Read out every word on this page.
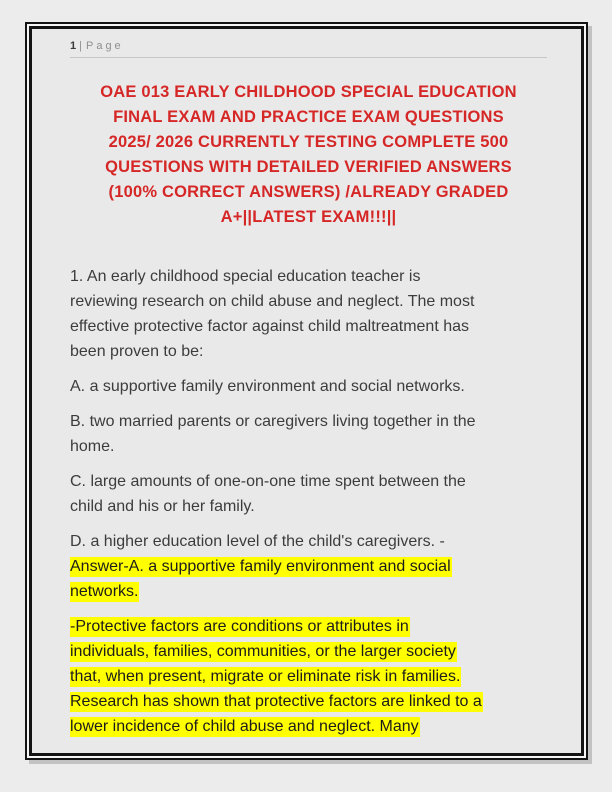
1 | Page
OAE 013 EARLY CHILDHOOD SPECIAL EDUCATION
FINAL EXAM AND PRACTICE EXAM QUESTIONS
2025/ 2026 CURRENTLY TESTING COMPLETE 500
QUESTIONS WITH DETAILED VERIFIED ANSWERS
(100% CORRECT ANSWERS) /ALREADY GRADED
A+||LATEST EXAM!!!||

1. An early childhood special education teacher is
reviewing research on child abuse and neglect. The most
effective protective factor against child maltreatment has
been proven to be:

A. a supportive family environment and social networks.

B. two married parents or caregivers living together in the
home.

C. large amounts of one-on-one time spent between the
child and his or her family.

D. a higher education level of the child's caregivers. -
Answer-A. a supportive family environment and social
networks.

-Protective factors are conditions or attributes in
individuals, families, communities, or the larger society
that, when present, migrate or eliminate risk in families.
Research has shown that protective factors are linked to a
lower incidence of child abuse and neglect. Many
